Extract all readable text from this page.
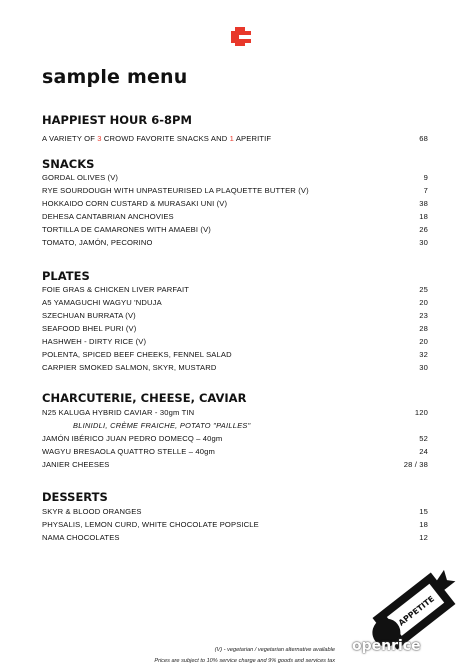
sample menu
HAPPIEST HOUR 6-8PM
A VARIETY OF 3 CROWD FAVORITE SNACKS AND 1 APERITIF	68
SNACKS
GORDAL OLIVES (V)	9
RYE SOURDOUGH WITH UNPASTEURISED LA PLAQUETTE BUTTER (V)	7
HOKKAIDO CORN CUSTARD & MURASAKI UNI (V)	38
DEHESA CANTABRIAN ANCHOVIES	18
TORTILLA DE CAMARONES WITH AMAEBI (V)	26
TOMATO, JAMÓN, PECORINO	30
PLATES
FOIE GRAS & CHICKEN LIVER PARFAIT	25
A5 YAMAGUCHI WAGYU 'NDUJA	20
SZECHUAN BURRATA (V)	23
SEAFOOD BHEL PURI (V)	28
HASHWEH - DIRTY RICE (V)	20
POLENTA, SPICED BEEF CHEEKS, FENNEL SALAD	32
CARPIER SMOKED SALMON, SKYR, MUSTARD	30
CHARCUTERIE, CHEESE, CAVIAR
N25 KALUGA HYBRID CAVIAR - 30gm TIN	120
BLINIDLI, CRÈME FRAICHE, POTATO "PAILLES"
JAMÓN IBÉRICO JUAN PEDRO DOMECQ – 40gm	52
WAGYU BRESAOLA QUATTRO STELLE – 40gm	24
JANIER CHEESES	28 / 38
DESSERTS
SKYR & BLOOD ORANGES	15
PHYSALIS, LEMON CURD, WHITE CHOCOLATE POPSICLE	18
NAMA CHOCOLATES	12
APPETITE
(V) - vegetarian / vegetarian alternative available
Prices are subject to 10% service charge and 9% goods and services tax
openrice
